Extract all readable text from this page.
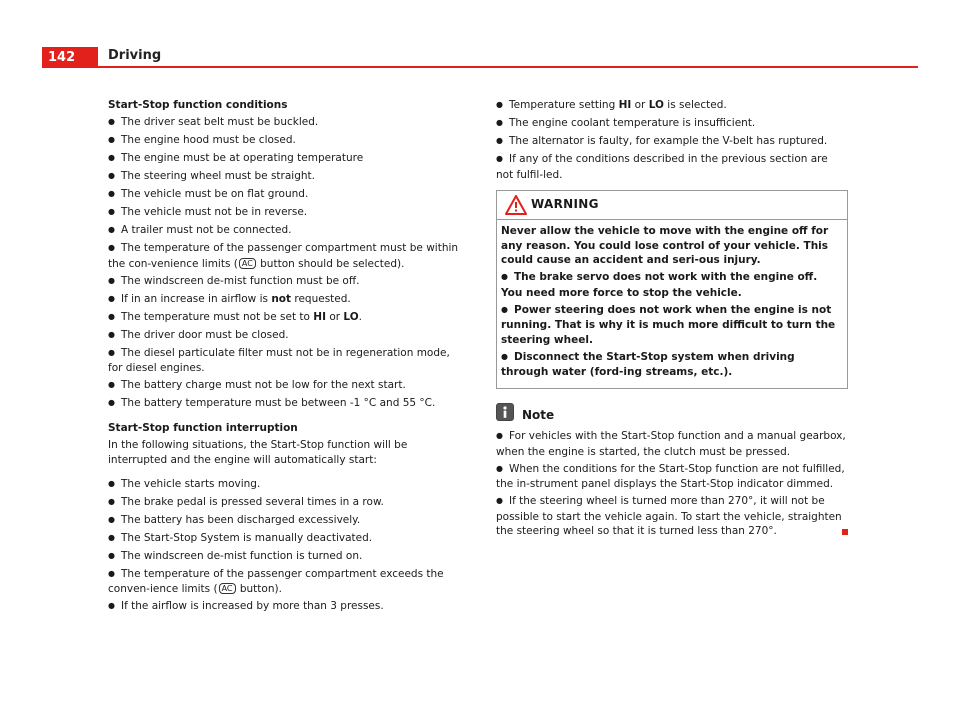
142	Driving

Start-Stop function conditions

●The driver seat belt must be buckled.

●The engine hood must be closed.

●The engine must be at operating temperature

●The steering wheel must be straight.

●The vehicle must be on flat ground.

●The vehicle must not be in reverse.

●A trailer must not be connected.

●The temperature of the passenger compartment must be within the con-venience limits ( AC button should be selected).

●The windscreen de-mist function must be off.

●If in an increase in airflow is not requested.

●The temperature must not be set to HI or LO.

●The driver door must be closed.

●The diesel particulate filter must not be in regeneration mode, for diesel engines.

●The battery charge must not be low for the next start.

●The battery temperature must be between -1 °C and 55 °C.

Start-Stop function interruption

In the following situations, the Start-Stop function will be interrupted and the engine will automatically start:

●The vehicle starts moving.

●The brake pedal is pressed several times in a row.

●The battery has been discharged excessively.

●The Start-Stop System is manually deactivated.

●The windscreen de-mist function is turned on.

●The temperature of the passenger compartment exceeds the conven-ience limits ( AC button).

●If the airflow is increased by more than 3 presses.

●Temperature setting HI or LO is selected.

●The engine coolant temperature is insufficient.

●The alternator is faulty, for example the V-belt has ruptured.

●If any of the conditions described in the previous section are not fulfil-led.

WARNING

Never allow the vehicle to move with the engine off for any reason. You could lose control of your vehicle. This could cause an accident and seri-ous injury.

●The brake servo does not work with the engine off. You need more force to stop the vehicle.

●Power steering does not work when the engine is not running. That is why it is much more difficult to turn the steering wheel.

●Disconnect the Start-Stop system when driving through water (ford-ing streams, etc.).

Note

●For vehicles with the Start-Stop function and a manual gearbox, when the engine is started, the clutch must be pressed.

●When the conditions for the Start-Stop function are not fulfilled, the in-strument panel displays the Start-Stop indicator dimmed.

●If the steering wheel is turned more than 270°, it will not be possible to start the vehicle again. To start the vehicle, straighten the steering wheel so that it is turned less than 270°.
